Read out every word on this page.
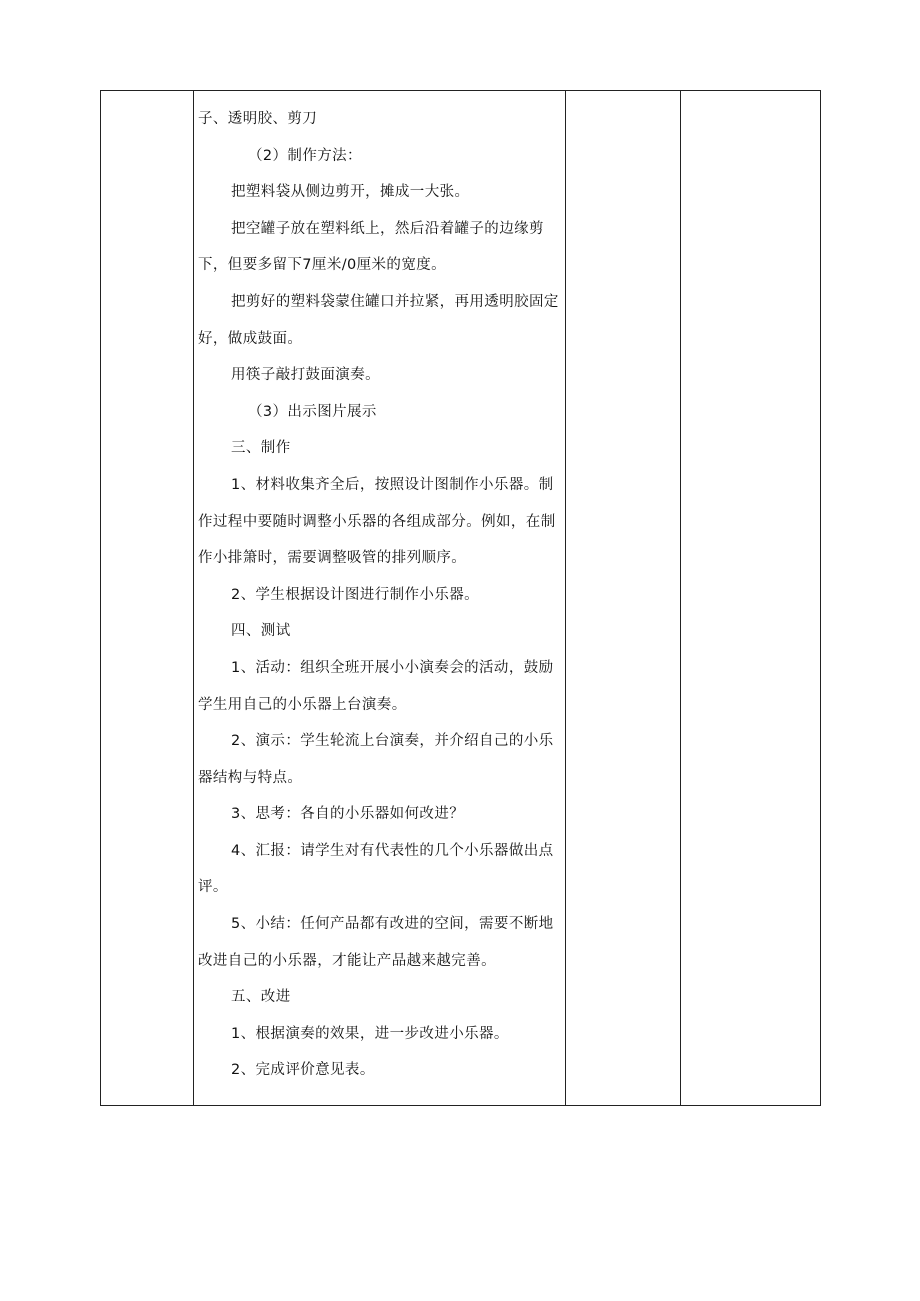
子、透明胶、剪刀

（2）制作方法：

把塑料袋从侧边剪开，摊成一大张。

把空罐子放在塑料纸上，然后沿着罐子的边缘剪下，但要多留下7厘米/0厘米的宽度。

把剪好的塑料袋蒙住罐口并拉紧，再用透明胶固定好，做成鼓面。

用筷子敲打鼓面演奏。

（3）出示图片展示

三、制作

1、材料收集齐全后，按照设计图制作小乐器。制作过程中要随时调整小乐器的各组成部分。例如，在制作小排箫时，需要调整吸管的排列顺序。

2、学生根据设计图进行制作小乐器。

四、测试

1、活动：组织全班开展小小演奏会的活动，鼓励学生用自己的小乐器上台演奏。

2、演示：学生轮流上台演奏，并介绍自己的小乐器结构与特点。

3、思考：各自的小乐器如何改进？

4、汇报：请学生对有代表性的几个小乐器做出点评。

5、小结：任何产品都有改进的空间，需要不断地改进自己的小乐器，才能让产品越来越完善。

五、改进

1、根据演奏的效果，进一步改进小乐器。

2、完成评价意见表。
